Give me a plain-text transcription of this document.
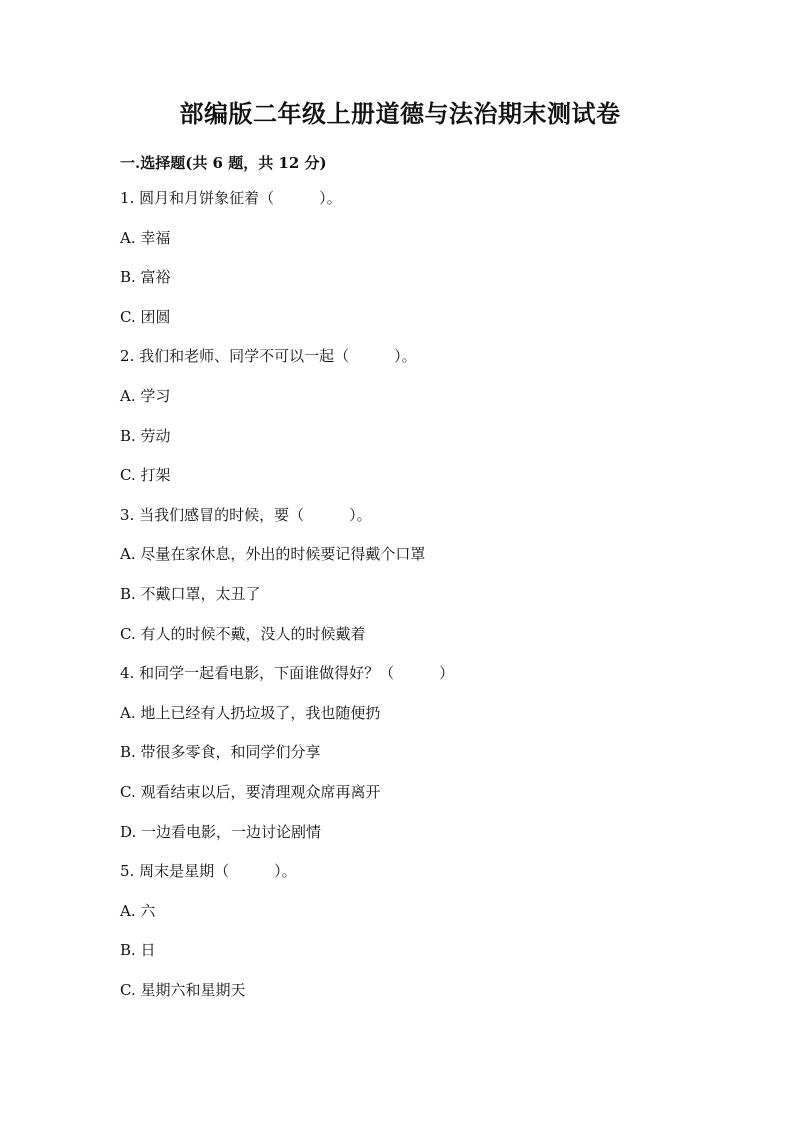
部编版二年级上册道德与法治期末测试卷
一.选择题(共 6 题，共 12 分)
1. 圆月和月饼象征着（　　　）。
A. 幸福
B. 富裕
C. 团圆
2. 我们和老师、同学不可以一起（　　　）。
A. 学习
B. 劳动
C. 打架
3. 当我们感冒的时候，要（　　　）。
A. 尽量在家休息，外出的时候要记得戴个口罩
B. 不戴口罩，太丑了
C. 有人的时候不戴，没人的时候戴着
4. 和同学一起看电影，下面谁做得好？（　　　）
A. 地上已经有人扔垃圾了，我也随便扔
B. 带很多零食，和同学们分享
C. 观看结束以后，要清理观众席再离开
D. 一边看电影，一边讨论剧情
5. 周末是星期（　　　）。
A. 六
B. 日
C. 星期六和星期天
